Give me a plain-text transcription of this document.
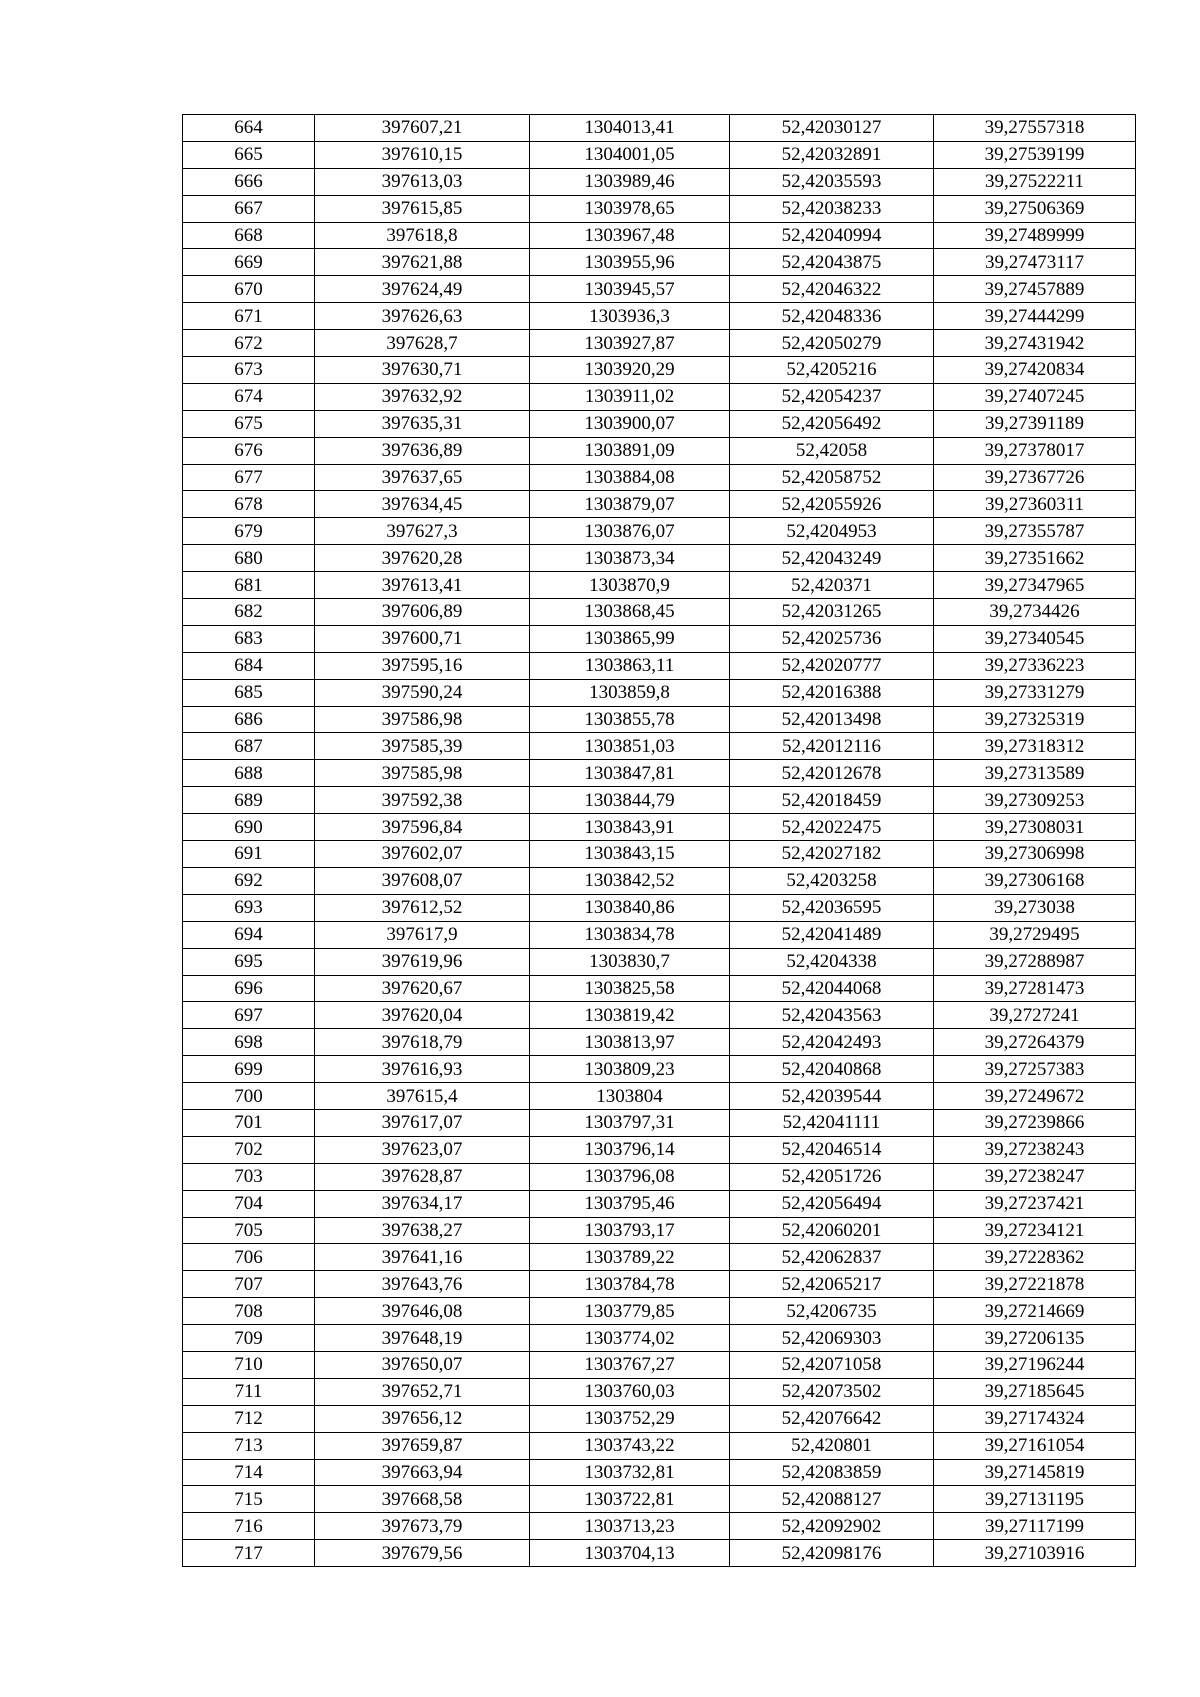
664	397607,21	1304013,41	52,42030127	39,27557318
665	397610,15	1304001,05	52,42032891	39,27539199
666	397613,03	1303989,46	52,42035593	39,27522211
667	397615,85	1303978,65	52,42038233	39,27506369
668	397618,8	1303967,48	52,42040994	39,27489999
669	397621,88	1303955,96	52,42043875	39,27473117
670	397624,49	1303945,57	52,42046322	39,27457889
671	397626,63	1303936,3	52,42048336	39,27444299
672	397628,7	1303927,87	52,42050279	39,27431942
673	397630,71	1303920,29	52,4205216	39,27420834
674	397632,92	1303911,02	52,42054237	39,27407245
675	397635,31	1303900,07	52,42056492	39,27391189
676	397636,89	1303891,09	52,42058	39,27378017
677	397637,65	1303884,08	52,42058752	39,27367726
678	397634,45	1303879,07	52,42055926	39,27360311
679	397627,3	1303876,07	52,4204953	39,27355787
680	397620,28	1303873,34	52,42043249	39,27351662
681	397613,41	1303870,9	52,420371	39,27347965
682	397606,89	1303868,45	52,42031265	39,2734426
683	397600,71	1303865,99	52,42025736	39,27340545
684	397595,16	1303863,11	52,42020777	39,27336223
685	397590,24	1303859,8	52,42016388	39,27331279
686	397586,98	1303855,78	52,42013498	39,27325319
687	397585,39	1303851,03	52,42012116	39,27318312
688	397585,98	1303847,81	52,42012678	39,27313589
689	397592,38	1303844,79	52,42018459	39,27309253
690	397596,84	1303843,91	52,42022475	39,27308031
691	397602,07	1303843,15	52,42027182	39,27306998
692	397608,07	1303842,52	52,4203258	39,27306168
693	397612,52	1303840,86	52,42036595	39,273038
694	397617,9	1303834,78	52,42041489	39,2729495
695	397619,96	1303830,7	52,4204338	39,27288987
696	397620,67	1303825,58	52,42044068	39,27281473
697	397620,04	1303819,42	52,42043563	39,2727241
698	397618,79	1303813,97	52,42042493	39,27264379
699	397616,93	1303809,23	52,42040868	39,27257383
700	397615,4	1303804	52,42039544	39,27249672
701	397617,07	1303797,31	52,42041111	39,27239866
702	397623,07	1303796,14	52,42046514	39,27238243
703	397628,87	1303796,08	52,42051726	39,27238247
704	397634,17	1303795,46	52,42056494	39,27237421
705	397638,27	1303793,17	52,42060201	39,27234121
706	397641,16	1303789,22	52,42062837	39,27228362
707	397643,76	1303784,78	52,42065217	39,27221878
708	397646,08	1303779,85	52,4206735	39,27214669
709	397648,19	1303774,02	52,42069303	39,27206135
710	397650,07	1303767,27	52,42071058	39,27196244
711	397652,71	1303760,03	52,42073502	39,27185645
712	397656,12	1303752,29	52,42076642	39,27174324
713	397659,87	1303743,22	52,420801	39,27161054
714	397663,94	1303732,81	52,42083859	39,27145819
715	397668,58	1303722,81	52,42088127	39,27131195
716	397673,79	1303713,23	52,42092902	39,27117199
717	397679,56	1303704,13	52,42098176	39,27103916
